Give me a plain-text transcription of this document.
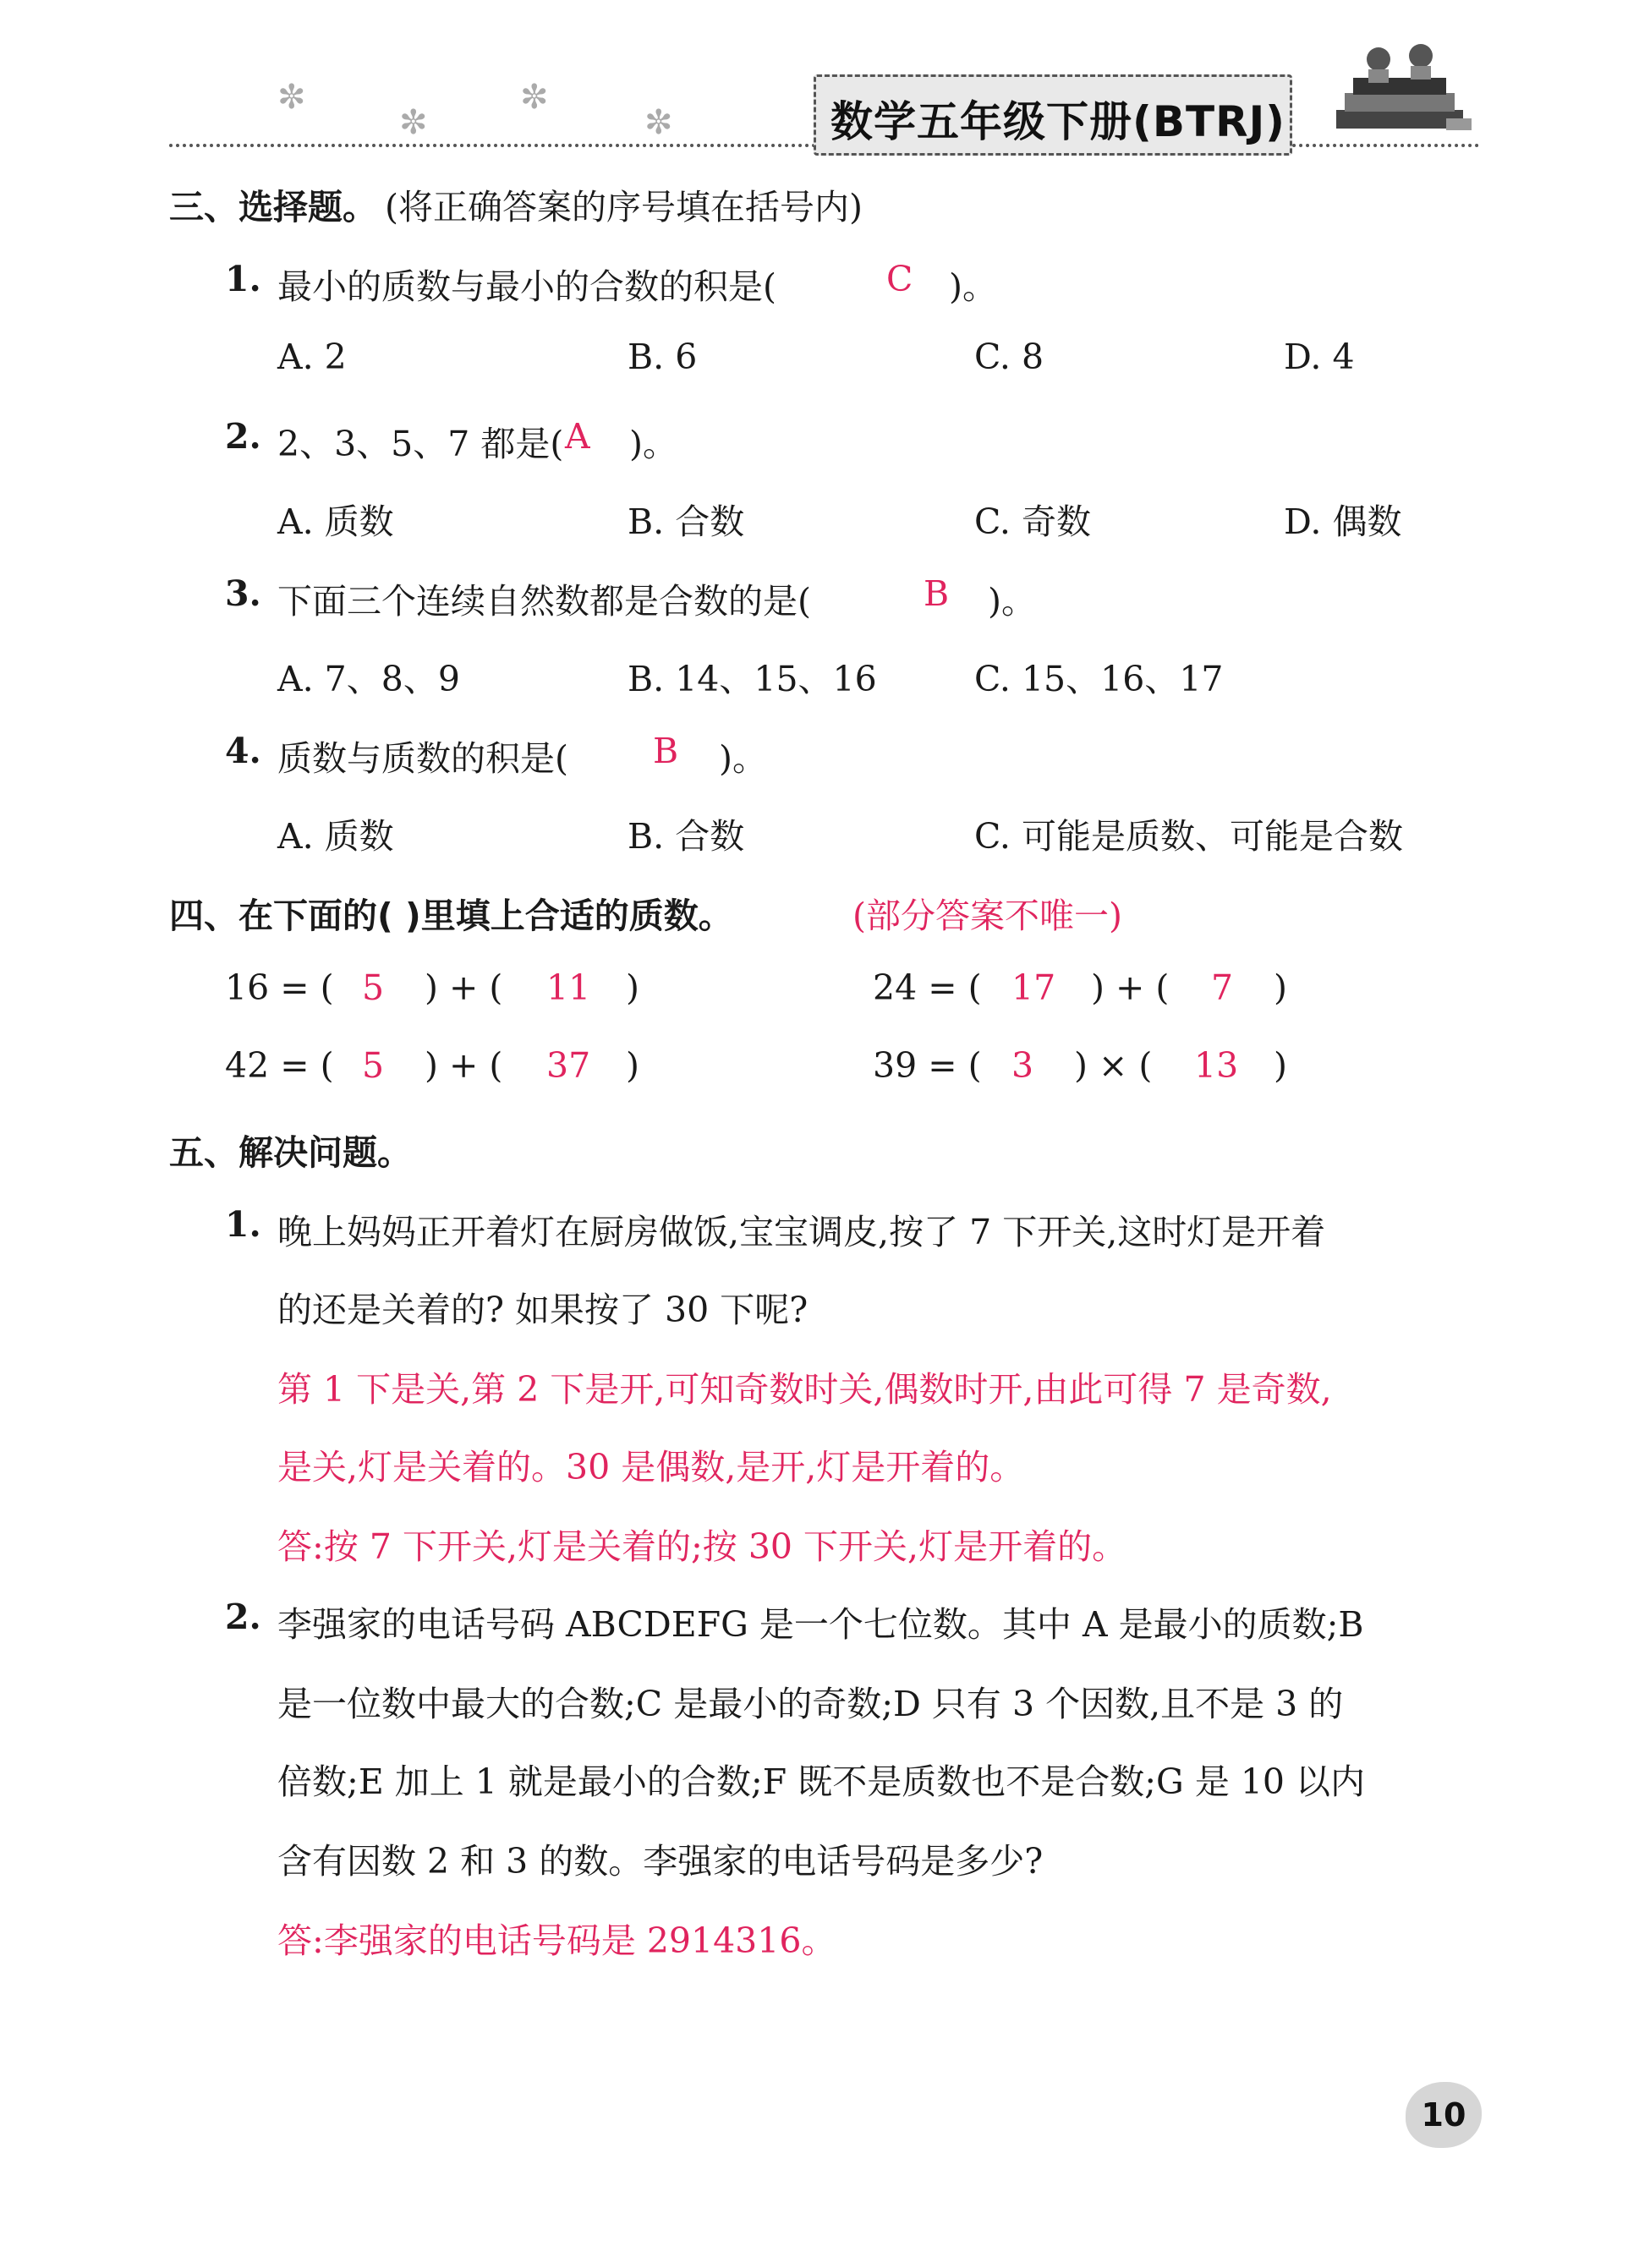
✼
✼
✼
✼	数学五年级下册(BTRJ)
三、选择题。 (将正确答案的序号填在括号内)
1. 最小的质数与最小的合数的积是(	C )。
A. 2	B. 6	C. 8	D. 4
2. 2、3、5、7 都是( A )。
A. 质数	B. 合数	C. 奇数	D. 偶数
3. 下面三个连续自然数都是合数的是(	B )。
A. 7、8、9	B. 14、15、16	C. 15、16、17
4. 质数与质数的积是( B )。
A. 质数	B. 合数	C. 可能是质数、可能是合数
四、在下面的( )里填上合适的质数。	(部分答案不唯一)
16 = ( 5 ) + ( 11 )	24 = ( 17 ) + ( 7 )
42 = ( 5 ) + ( 37 )	39 = ( 3 ) × ( 13 )
五、解决问题。
1. 晚上妈妈正开着灯在厨房做饭,宝宝调皮,按了 7 下开关,这时灯是开着
的还是关着的? 如果按了 30 下呢?
第 1 下是关,第 2 下是开,可知奇数时关,偶数时开,由此可得 7 是奇数,
是关,灯是关着的。30 是偶数,是开,灯是开着的。
答:按 7 下开关,灯是关着的;按 30 下开关,灯是开着的。
2. 李强家的电话号码 ABCDEFG 是一个七位数。其中 A 是最小的质数;B
是一位数中最大的合数;C 是最小的奇数;D 只有 3 个因数,且不是 3 的
倍数;E 加上 1 就是最小的合数;F 既不是质数也不是合数;G 是 10 以内
含有因数 2 和 3 的数。李强家的电话号码是多少?
答:李强家的电话号码是 2914316。
10
